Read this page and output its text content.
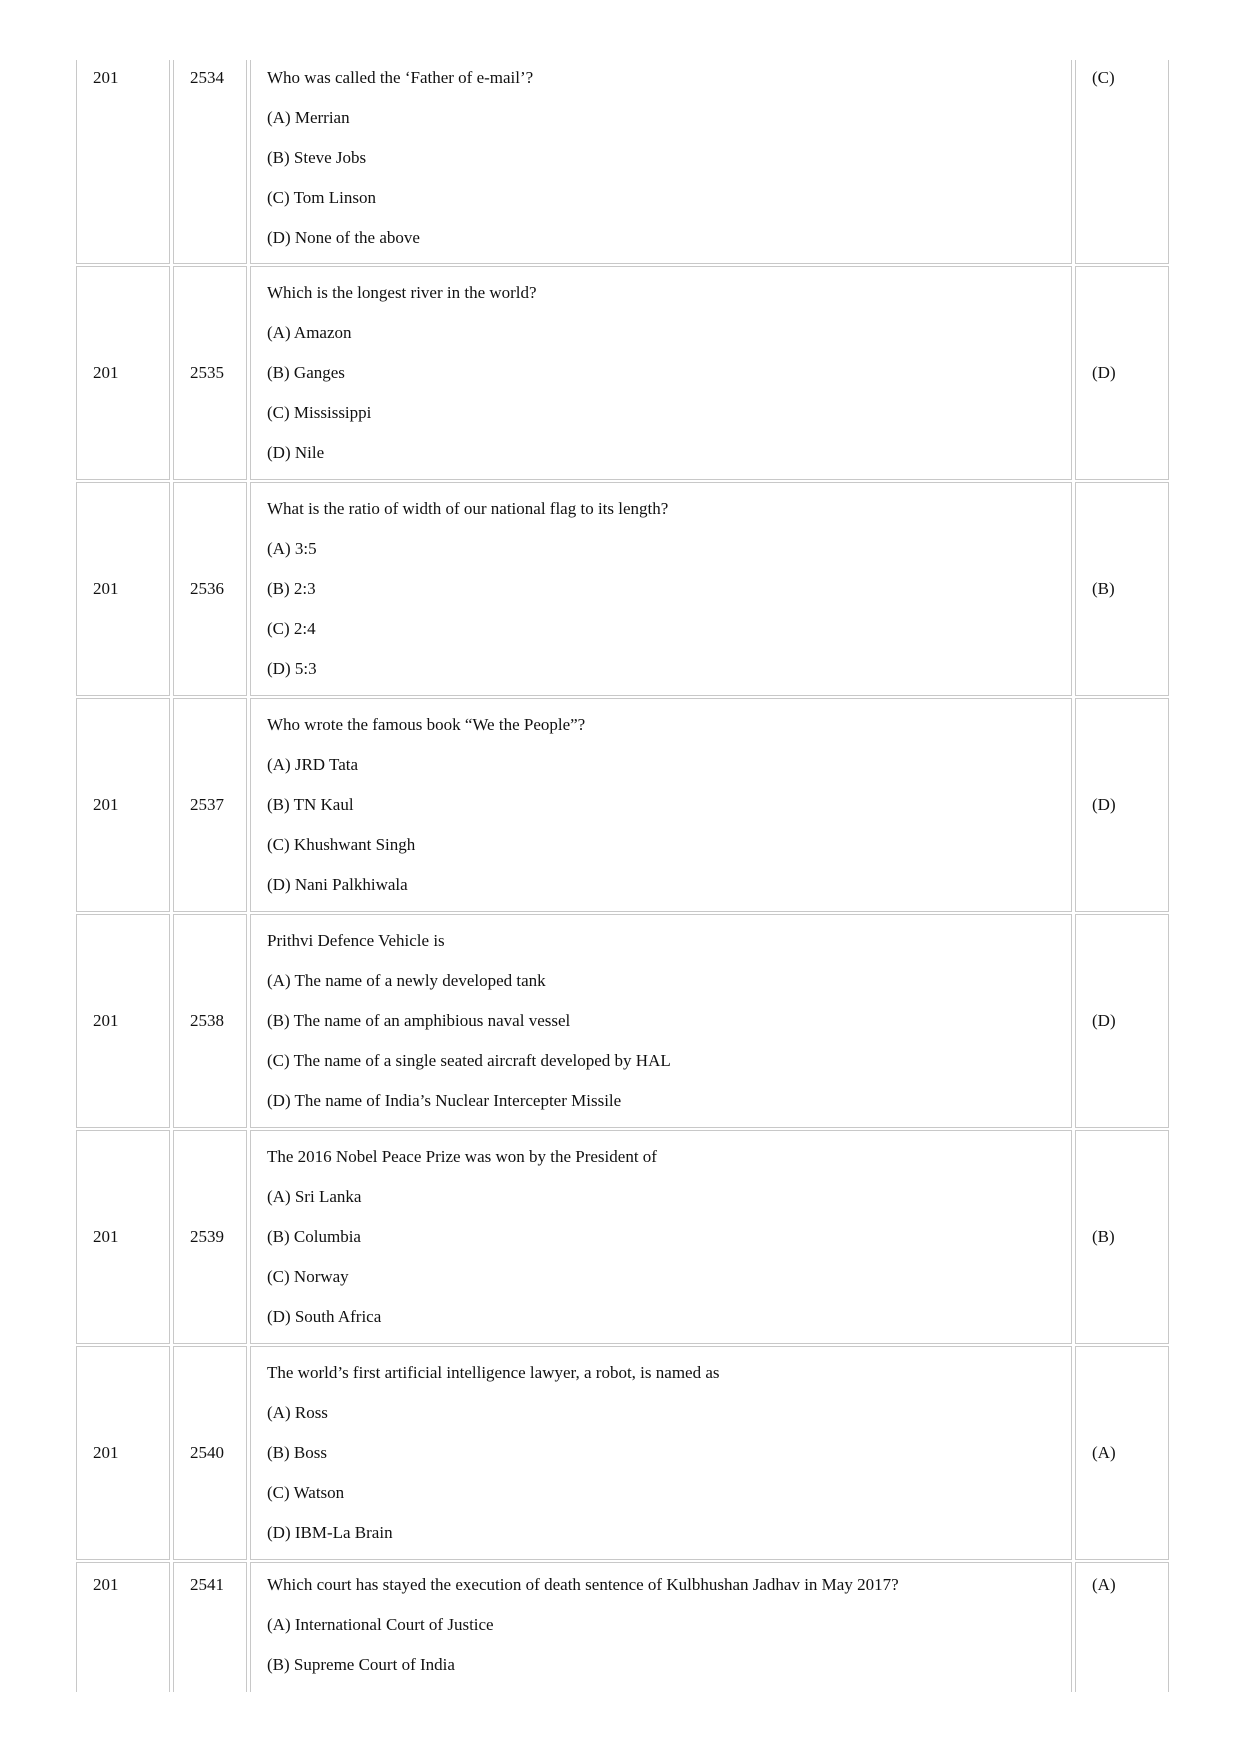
201	2534	Who was called the ‘Father of e-mail’?
(A) Merrian
(B) Steve Jobs
(C) Tom Linson
(D) None of the above	(C)
201	2535	Which is the longest river in the world?
(A) Amazon
(B) Ganges
(C) Mississippi
(D) Nile	(D)
201	2536	What is the ratio of width of our national flag to its length?
(A) 3:5
(B) 2:3
(C) 2:4
(D) 5:3	(B)
201	2537	Who wrote the famous book “We the People”?
(A) JRD Tata
(B) TN Kaul
(C) Khushwant Singh
(D) Nani Palkhiwala	(D)
201	2538	Prithvi Defence Vehicle is
(A) The name of a newly developed tank
(B) The name of an amphibious naval vessel
(C) The name of a single seated aircraft developed by HAL
(D) The name of India’s Nuclear Intercepter Missile	(D)
201	2539	The 2016 Nobel Peace Prize was won by the President of
(A) Sri Lanka
(B) Columbia
(C) Norway
(D) South Africa	(B)
201	2540	The world’s first artificial intelligence lawyer, a robot, is named as
(A) Ross
(B) Boss
(C) Watson
(D) IBM-La Brain	(A)
201	2541	Which court has stayed the execution of death sentence of Kulbhushan Jadhav in May 2017?
(A) International Court of Justice
(B) Supreme Court of India	(A)
